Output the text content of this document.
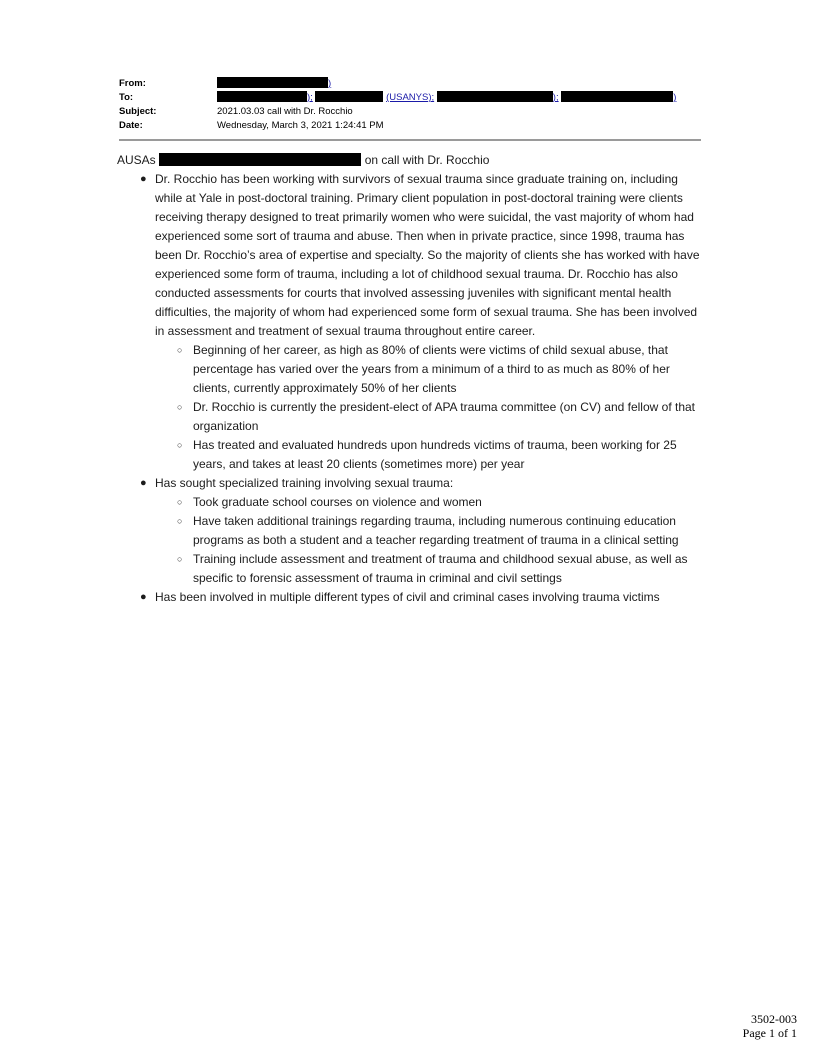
From:	)
To:	);	(USANYS);	);	)
Subject:	2021.03.03 call with Dr. Rocchio
Date:	Wednesday, March 3, 2021 1:24:41 PM
AUSAs	on call with Dr. Rocchio
● Dr. Rocchio has been working with survivors of sexual trauma since graduate training on, including while at Yale in post-doctoral training. Primary client population in post-doctoral training were clients receiving therapy designed to treat primarily women who were suicidal, the vast majority of whom had experienced some sort of trauma and abuse. Then when in private practice, since 1998, trauma has been Dr. Rocchio’s area of expertise and specialty. So the majority of clients she has worked with have experienced some form of trauma, including a lot of childhood sexual trauma. Dr. Rocchio has also conducted assessments for courts that involved assessing juveniles with significant mental health difficulties, the majority of whom had experienced some form of sexual trauma. She has been involved in assessment and treatment of sexual trauma throughout entire career.
○ Beginning of her career, as high as 80% of clients were victims of child sexual abuse, that percentage has varied over the years from a minimum of a third to as much as 80% of her clients, currently approximately 50% of her clients
○ Dr. Rocchio is currently the president-elect of APA trauma committee (on CV) and fellow of that organization
○ Has treated and evaluated hundreds upon hundreds victims of trauma, been working for 25 years, and takes at least 20 clients (sometimes more) per year
● Has sought specialized training involving sexual trauma:
○ Took graduate school courses on violence and women
○ Have taken additional trainings regarding trauma, including numerous continuing education programs as both a student and a teacher regarding treatment of trauma in a clinical setting
○ Training include assessment and treatment of trauma and childhood sexual abuse, as well as specific to forensic assessment of trauma in criminal and civil settings
● Has been involved in multiple different types of civil and criminal cases involving trauma victims
3502-003
Page 1 of 1
